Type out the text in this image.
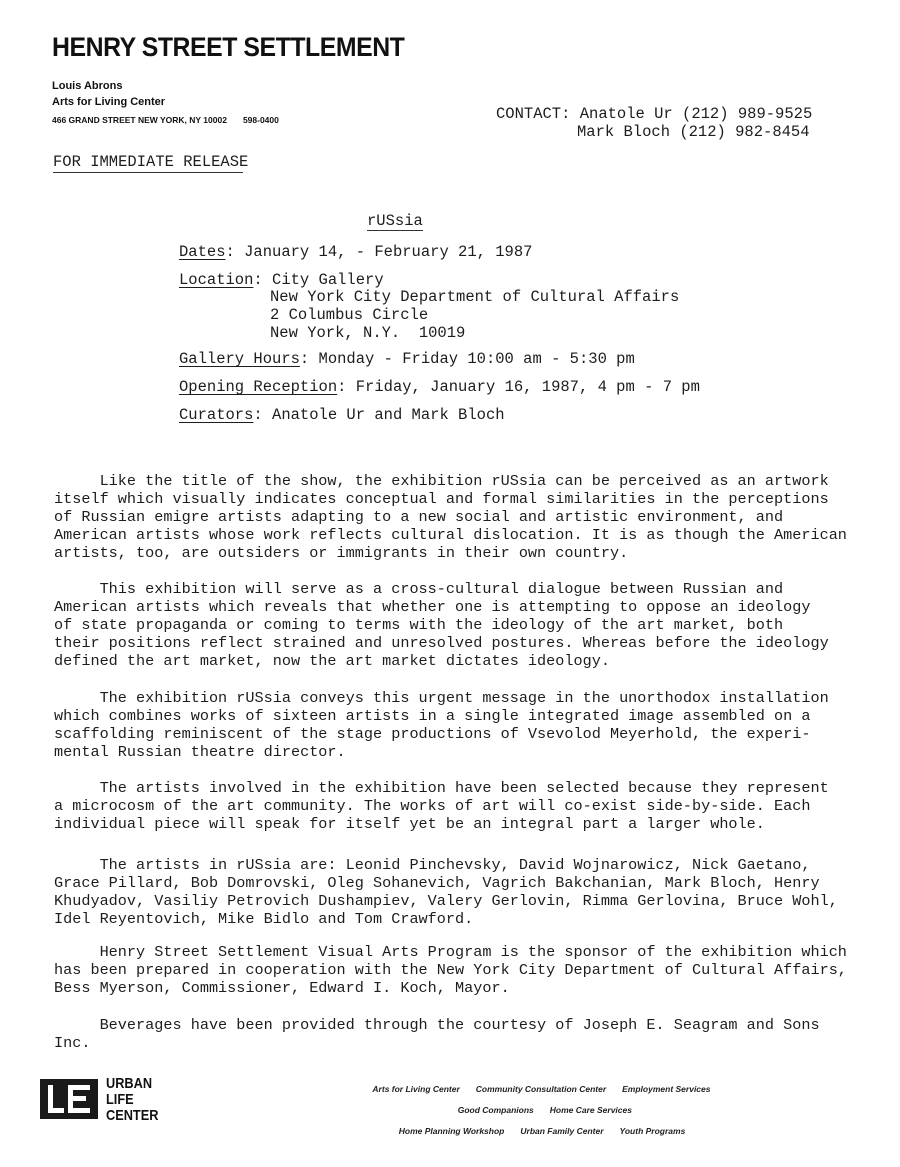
HENRY STREET SETTLEMENT
Louis Abrons
Arts for Living Center
466 GRAND STREET NEW YORK, NY 10002 598-0400	CONTACT: Anatole Ur (212) 989-9525
Mark Bloch (212) 982-8454
FOR IMMEDIATE RELEASE
rUSsia
Dates: January 14, - February 21, 1987
Location: City Gallery
New York City Department of Cultural Affairs
2 Columbus Circle
New York, N.Y.  10019
Gallery Hours: Monday - Friday 10:00 am - 5:30 pm
Opening Reception: Friday, January 16, 1987, 4 pm - 7 pm
Curators: Anatole Ur and Mark Bloch

Like the title of the show, the exhibition rUSsia can be perceived as an artwork
itself which visually indicates conceptual and formal similarities in the perceptions
of Russian emigre artists adapting to a new social and artistic environment, and
American artists whose work reflects cultural dislocation. It is as though the American
artists, too, are outsiders or immigrants in their own country.

This exhibition will serve as a cross-cultural dialogue between Russian and
American artists which reveals that whether one is attempting to oppose an ideology
of state propaganda or coming to terms with the ideology of the art market, both
their positions reflect strained and unresolved postures. Whereas before the ideology
defined the art market, now the art market dictates ideology.

The exhibition rUSsia conveys this urgent message in the unorthodox installation
which combines works of sixteen artists in a single integrated image assembled on a
scaffolding reminiscent of the stage productions of Vsevolod Meyerhold, the experi-
mental Russian theatre director.

The artists involved in the exhibition have been selected because they represent
a microcosm of the art community. The works of art will co-exist side-by-side. Each
individual piece will speak for itself yet be an integral part a larger whole.

The artists in rUSsia are: Leonid Pinchevsky, David Wojnarowicz, Nick Gaetano,
Grace Pillard, Bob Domrovski, Oleg Sohanevich, Vagrich Bakchanian, Mark Bloch, Henry
Khudyadov, Vasiliy Petrovich Dushampiev, Valery Gerlovin, Rimma Gerlovina, Bruce Wohl,
Idel Reyentovich, Mike Bidlo and Tom Crawford.

Henry Street Settlement Visual Arts Program is the sponsor of the exhibition which
has been prepared in cooperation with the New York City Department of Cultural Affairs,
Bess Myerson, Commissioner, Edward I. Koch, Mayor.

Beverages have been provided through the courtesy of Joseph E. Seagram and Sons
Inc.

URBAN
LIFE
CENTER

Arts for Living Center Community Consultation Center Employment Services

Good Companions Home Care Services

Home Planning Workshop Urban Family Center Youth Programs
